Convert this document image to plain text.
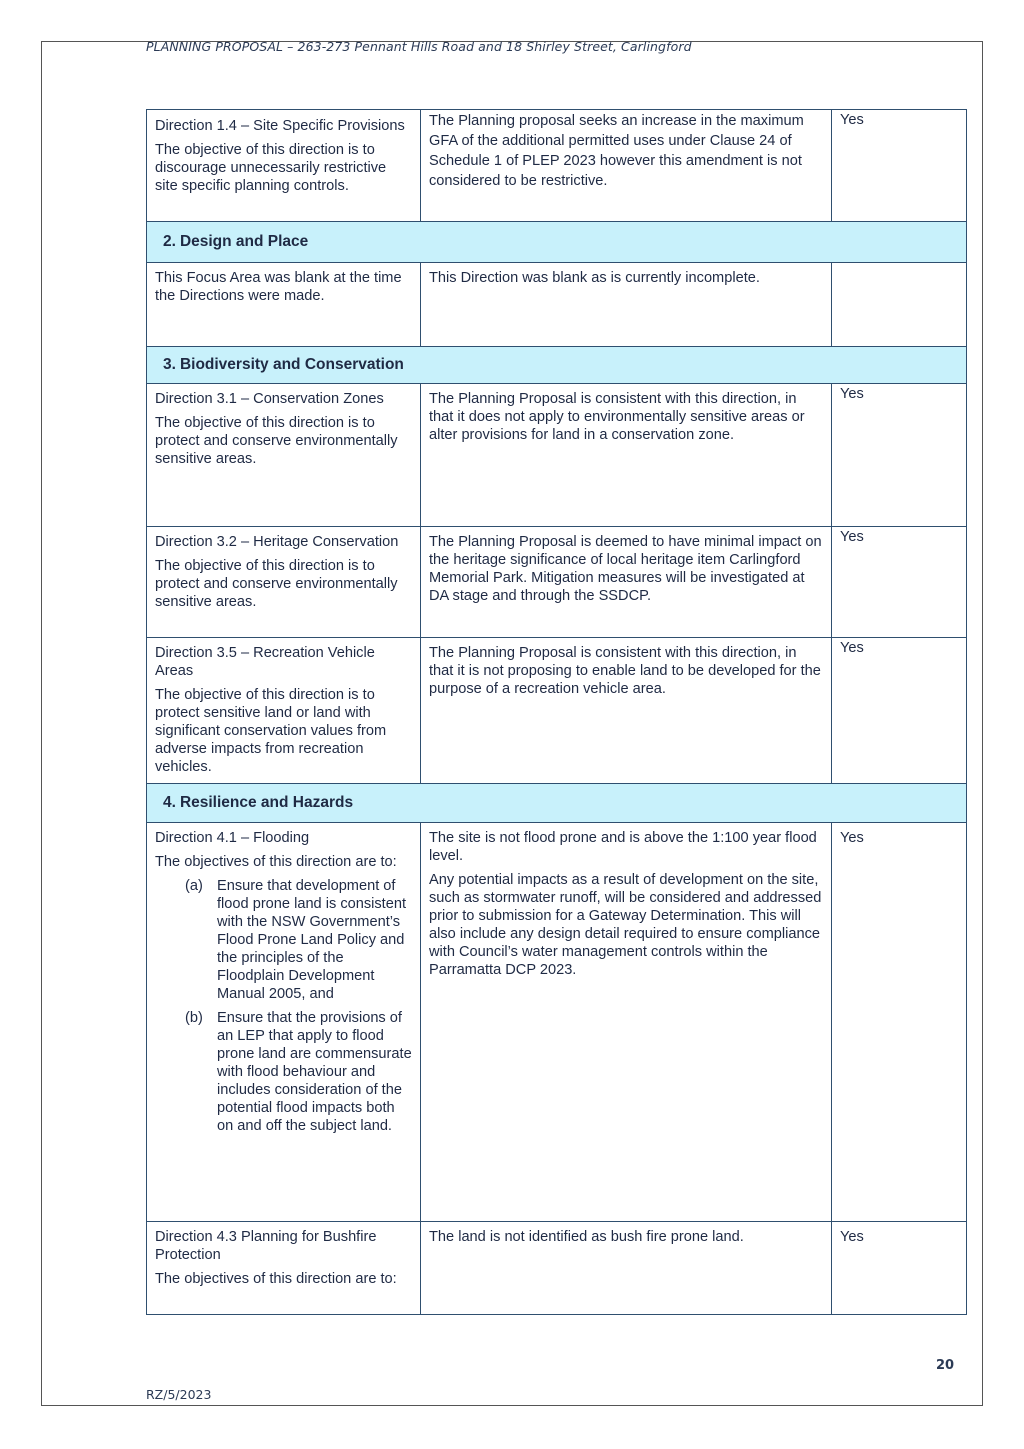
PLANNING PROPOSAL – 263-273 Pennant Hills Road and 18 Shirley Street, Carlingford

Direction 1.4 – Site Specific Provisions

The objective of this direction is to discourage unnecessarily restrictive site specific planning controls.

The Planning proposal seeks an increase in the maximum GFA of the additional permitted uses under Clause 24 of Schedule 1 of PLEP 2023 however this amendment is not considered to be restrictive.

Yes
2. Design and Place

This Focus Area was blank at the time the Directions were made.

This Direction was blank as is currently incomplete.

3. Biodiversity and Conservation

Direction 3.1 – Conservation Zones

The objective of this direction is to protect and conserve environmentally sensitive areas.

The Planning Proposal is consistent with this direction, in that it does not apply to environmentally sensitive areas or alter provisions for land in a conservation zone.

Yes

Direction 3.2 – Heritage Conservation

The objective of this direction is to protect and conserve environmentally sensitive areas.

The Planning Proposal is deemed to have minimal impact on the heritage significance of local heritage item Carlingford Memorial Park. Mitigation measures will be investigated at DA stage and through the SSDCP.

Yes

Direction 3.5 – Recreation Vehicle Areas

The objective of this direction is to protect sensitive land or land with significant conservation values from adverse impacts from recreation vehicles.

The Planning Proposal is consistent with this direction, in that it is not proposing to enable land to be developed for the purpose of a recreation vehicle area.

Yes
4. Resilience and Hazards

Direction 4.1 – Flooding

The objectives of this direction are to:

(a) Ensure that development of flood prone land is consistent with the NSW Government’s Flood Prone Land Policy and the principles of the Floodplain Development Manual 2005, and
(b) Ensure that the provisions of an LEP that apply to flood prone land are commensurate with flood behaviour and includes consideration of the potential flood impacts both on and off the subject land.

The site is not flood prone and is above the 1:100 year flood level.

Any potential impacts as a result of development on the site, such as stormwater runoff, will be considered and addressed prior to submission for a Gateway Determination. This will also include any design detail required to ensure compliance with Council’s water management controls within the Parramatta DCP 2023.

Yes

Direction 4.3 Planning for Bushfire Protection

The objectives of this direction are to:

The land is not identified as bush fire prone land.	Yes
20
RZ/5/2023
